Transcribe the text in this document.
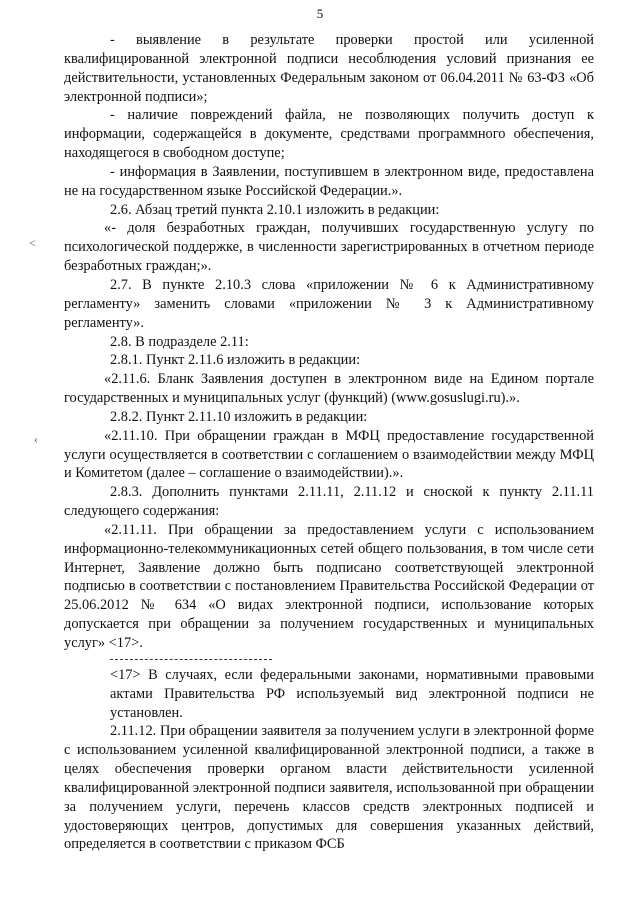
5
<
‹

- выявление в результате проверки простой или усиленной квалифицированной электронной подписи несоблюдения условий признания ее действительности, установленных Федеральным законом от 06.04.2011 № 63-ФЗ «Об электронной подписи»;

- наличие повреждений файла, не позволяющих получить доступ к информации, содержащейся в документе, средствами программного обеспечения, находящегося в свободном доступе;

- информация в Заявлении, поступившем в электронном виде, предоставлена не на государственном языке Российской Федерации.».

2.6. Абзац третий пункта 2.10.1 изложить в редакции:

«- доля безработных граждан, получивших государственную услугу по психологической поддержке, в численности зарегистрированных в отчетном периоде безработных граждан;».

2.7. В пункте 2.10.3 слова «приложении № 6 к Административному регламенту» заменить словами «приложении № 3 к Административному регламенту».

2.8. В подразделе 2.11:

2.8.1. Пункт 2.11.6 изложить в редакции:

«2.11.6. Бланк Заявления доступен в электронном виде на Едином портале государственных и муниципальных услуг (функций) (www.gosuslugi.ru).».

2.8.2. Пункт 2.11.10 изложить в редакции:

«2.11.10. При обращении граждан в МФЦ предоставление государственной услуги осуществляется в соответствии с соглашением о взаимодействии между МФЦ и Комитетом (далее – соглашение о взаимодействии).».

2.8.3. Дополнить пунктами 2.11.11, 2.11.12 и сноской к пункту 2.11.11 следующего содержания:

«2.11.11. При обращении за предоставлением услуги с использованием информационно-телекоммуникационных сетей общего пользования, в том числе сети Интернет, Заявление должно быть подписано соответствующей электронной подписью в соответствии с постановлением Правительства Российской Федерации от 25.06.2012 № 634 «О видах электронной подписи, использование которых допускается при обращении за получением государственных и муниципальных услуг» <17>.

<17> В случаях, если федеральными законами, нормативными правовыми актами Правительства РФ используемый вид электронной подписи не установлен.

2.11.12. При обращении заявителя за получением услуги в электронной форме с использованием усиленной квалифицированной электронной подписи, а также в целях обеспечения проверки органом власти действительности усиленной квалифицированной электронной подписи заявителя, использованной при обращении за получением услуги, перечень классов средств электронных подписей и удостоверяющих центров, допустимых для совершения указанных действий, определяется в соответствии с приказом ФСБ
